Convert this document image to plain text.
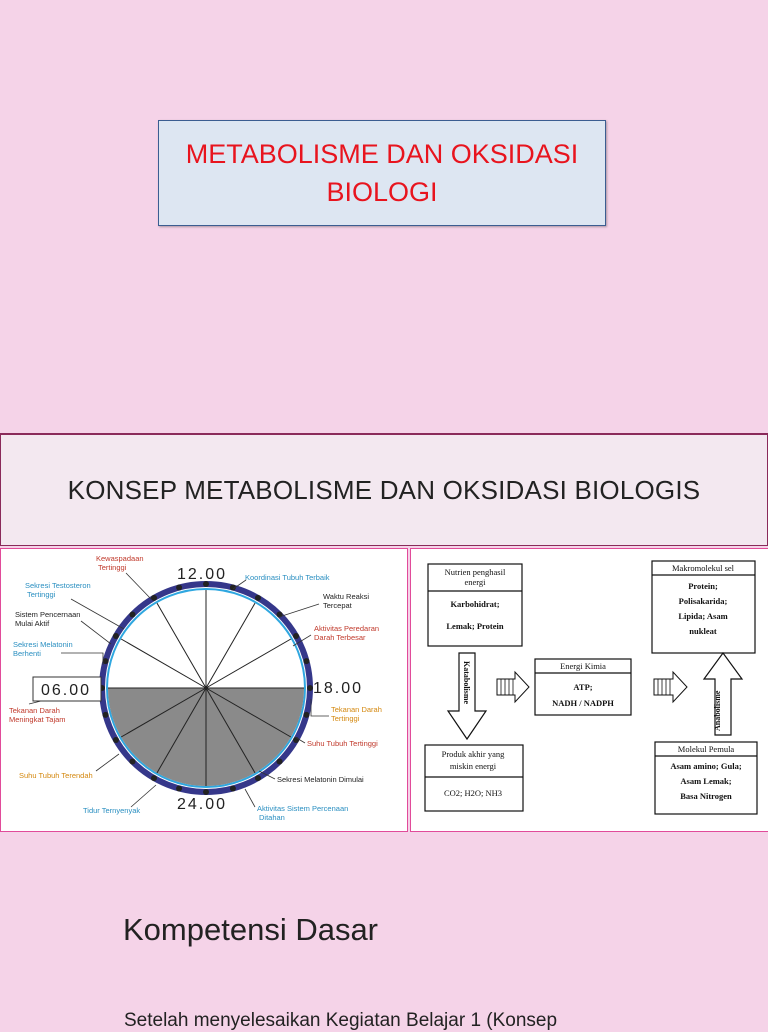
METABOLISME DAN OKSIDASI
BIOLOGI
KONSEP METABOLISME DAN OKSIDASI BIOLOGIS
12.00
18.00
24.00
06.00
Kewaspadaan
Tertinggi
Sekresi Testosteron
Tertinggi
Sistem Pencernaan
Mulai Aktif
Sekresi Melatonin
Berhenti
Tekanan Darah
Meningkat Tajam
Suhu Tubuh Terendah
Tidur Ternyenyak
Koordinasi Tubuh Terbaik
Waktu Reaksi
Tercepat
Aktivitas Peredaran
Darah Terbesar
Tekanan Darah
Tertinggi
Suhu Tubuh Tertinggi
Sekresi Melatonin Dimulai
Aktivitas Sistem Percenaan
Ditahan
Nutrien penghasil
energi
Karbohidrat;
Lemak; Protein
Makromolekul sel
Protein;
Polisakarida;
Lipida; Asam
nukleat
Energi Kimia
ATP;
NADH / NADPH
Produk akhir yang
miskin energi
CO2; H2O; NH3
Molekul Pemula
Asam amino; Gula;
Asam Lemak;
Basa Nitrogen
Katabolisme
Anabolisme
Kompetensi Dasar
Setelah menyelesaikan Kegiatan Belajar 1 (Konsep
